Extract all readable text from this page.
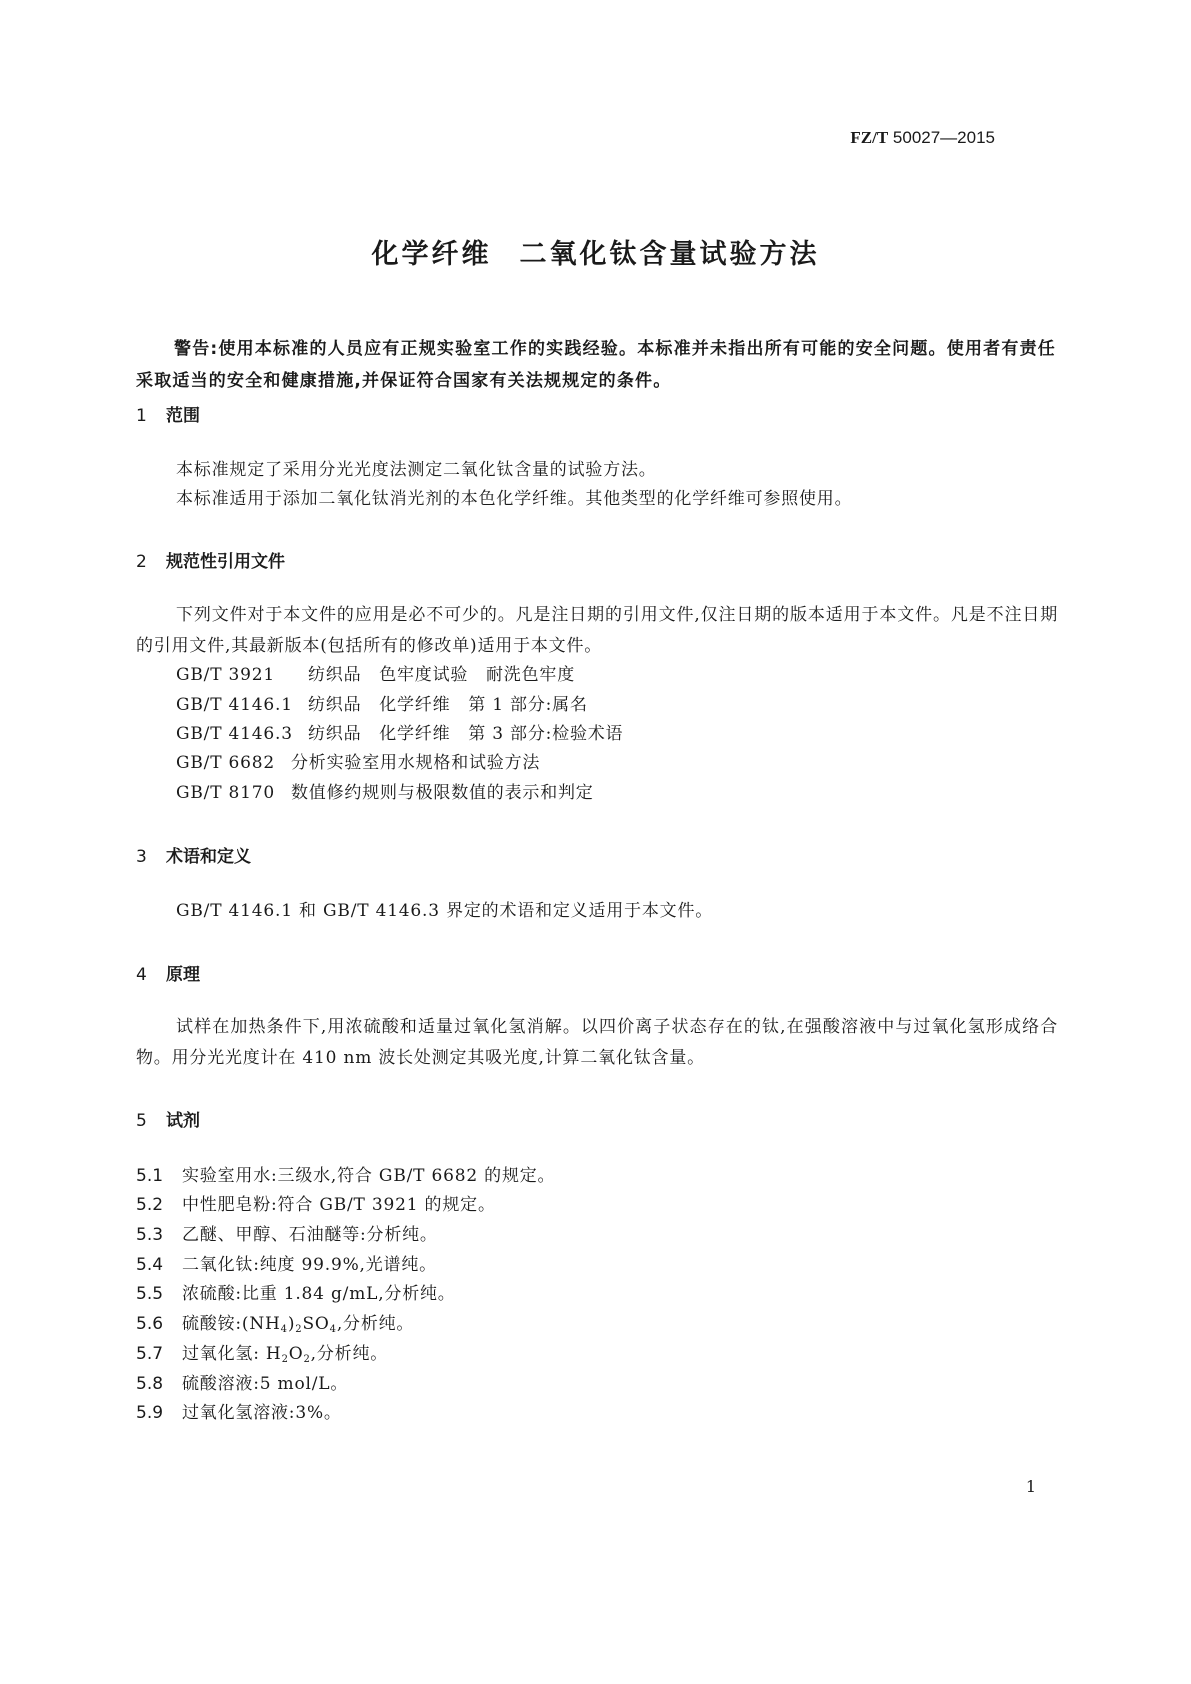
FZ/T 50027—2015
化学纤维 二氧化钛含量试验方法
警告:使用本标准的人员应有正规实验室工作的实践经验。本标准并未指出所有可能的安全问题。使用者有责任采取适当的安全和健康措施,并保证符合国家有关法规规定的条件。
1 范围
本标准规定了采用分光光度法测定二氧化钛含量的试验方法。
本标准适用于添加二氧化钛消光剂的本色化学纤维。其他类型的化学纤维可参照使用。
2 规范性引用文件
下列文件对于本文件的应用是必不可少的。凡是注日期的引用文件,仅注日期的版本适用于本文件。凡是不注日期的引用文件,其最新版本(包括所有的修改单)适用于本文件。
GB/T 3921 纺织品　色牢度试验　耐洗色牢度
GB/T 4146.1 纺织品　化学纤维　第 1 部分:属名
GB/T 4146.3 纺织品　化学纤维　第 3 部分:检验术语
GB/T 6682 分析实验室用水规格和试验方法
GB/T 8170 数值修约规则与极限数值的表示和判定
3 术语和定义
GB/T 4146.1 和 GB/T 4146.3 界定的术语和定义适用于本文件。
4 原理
试样在加热条件下,用浓硫酸和适量过氧化氢消解。以四价离子状态存在的钛,在强酸溶液中与过氧化氢形成络合物。用分光光度计在 410 nm 波长处测定其吸光度,计算二氧化钛含量。
5 试剂
5.1 实验室用水:三级水,符合 GB/T 6682 的规定。
5.2 中性肥皂粉:符合 GB/T 3921 的规定。
5.3 乙醚、甲醇、石油醚等:分析纯。
5.4 二氧化钛:纯度 99.9%,光谱纯。
5.5 浓硫酸:比重 1.84 g/mL,分析纯。
5.6 硫酸铵$:(NH_4)_2SO_4$,分析纯。
5.7 过氧化氢: $H_2O_2$,分析纯。
5.8 硫酸溶液:5 mol/L。
5.9 过氧化氢溶液:3%。
1
